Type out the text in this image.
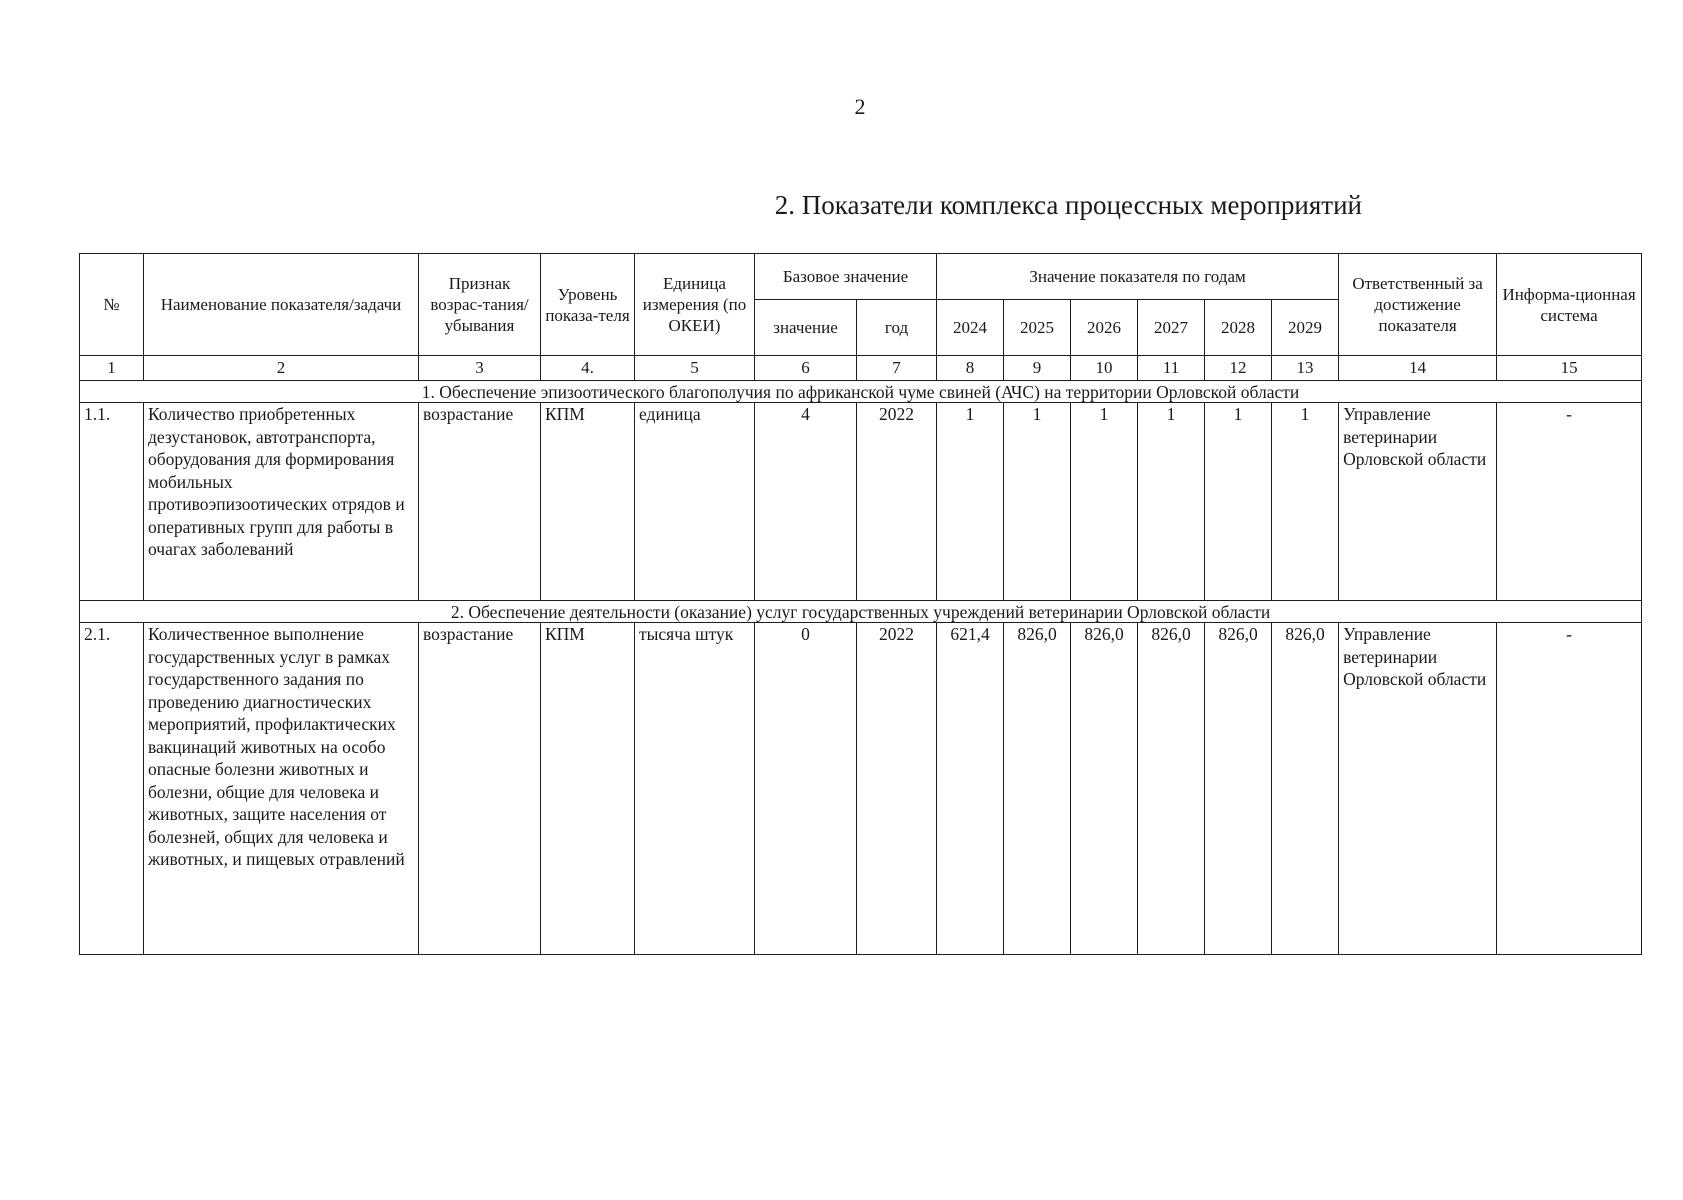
2
2. Показатели комплекса процессных мероприятий
№	Наименование показателя/задачи	Признак возрас-тания/ убывания	Уровень показа-теля	Единица измерения (по ОКЕИ)	Базовое значение		Значение показателя по годам						Ответственный за достижение показателя	Информа-ционная система
					значение	год	2024	2025	2026	2027	2028	2029		
1	2	3	4.	5	6	7	8	9	10	11	12	13	14	15
1. Обеспечение эпизоотического благополучия по африканской чуме свиней (АЧС) на территории Орловской области														
1.1.	Количество приобретенных дезустановок, автотранспорта, оборудования для формирования мобильных противоэпизоотических отрядов и оперативных групп для работы в очагах заболеваний	возрастание	КПМ	единица	4	2022	1	1	1	1	1	1	Управление ветеринарии Орловской области	-
2. Обеспечение деятельности (оказание) услуг государственных учреждений ветеринарии Орловской области														
2.1.	Количественное выполнение государственных услуг в рамках государственного задания по проведению диагностических мероприятий, профилактических вакцинаций животных на особо опасные болезни животных и болезни, общие для человека и животных, защите населения от болезней, общих для человека и животных, и пищевых отравлений	возрастание	КПМ	тысяча штук	0	2022	621,4	826,0	826,0	826,0	826,0	826,0	Управление ветеринарии Орловской области	-
